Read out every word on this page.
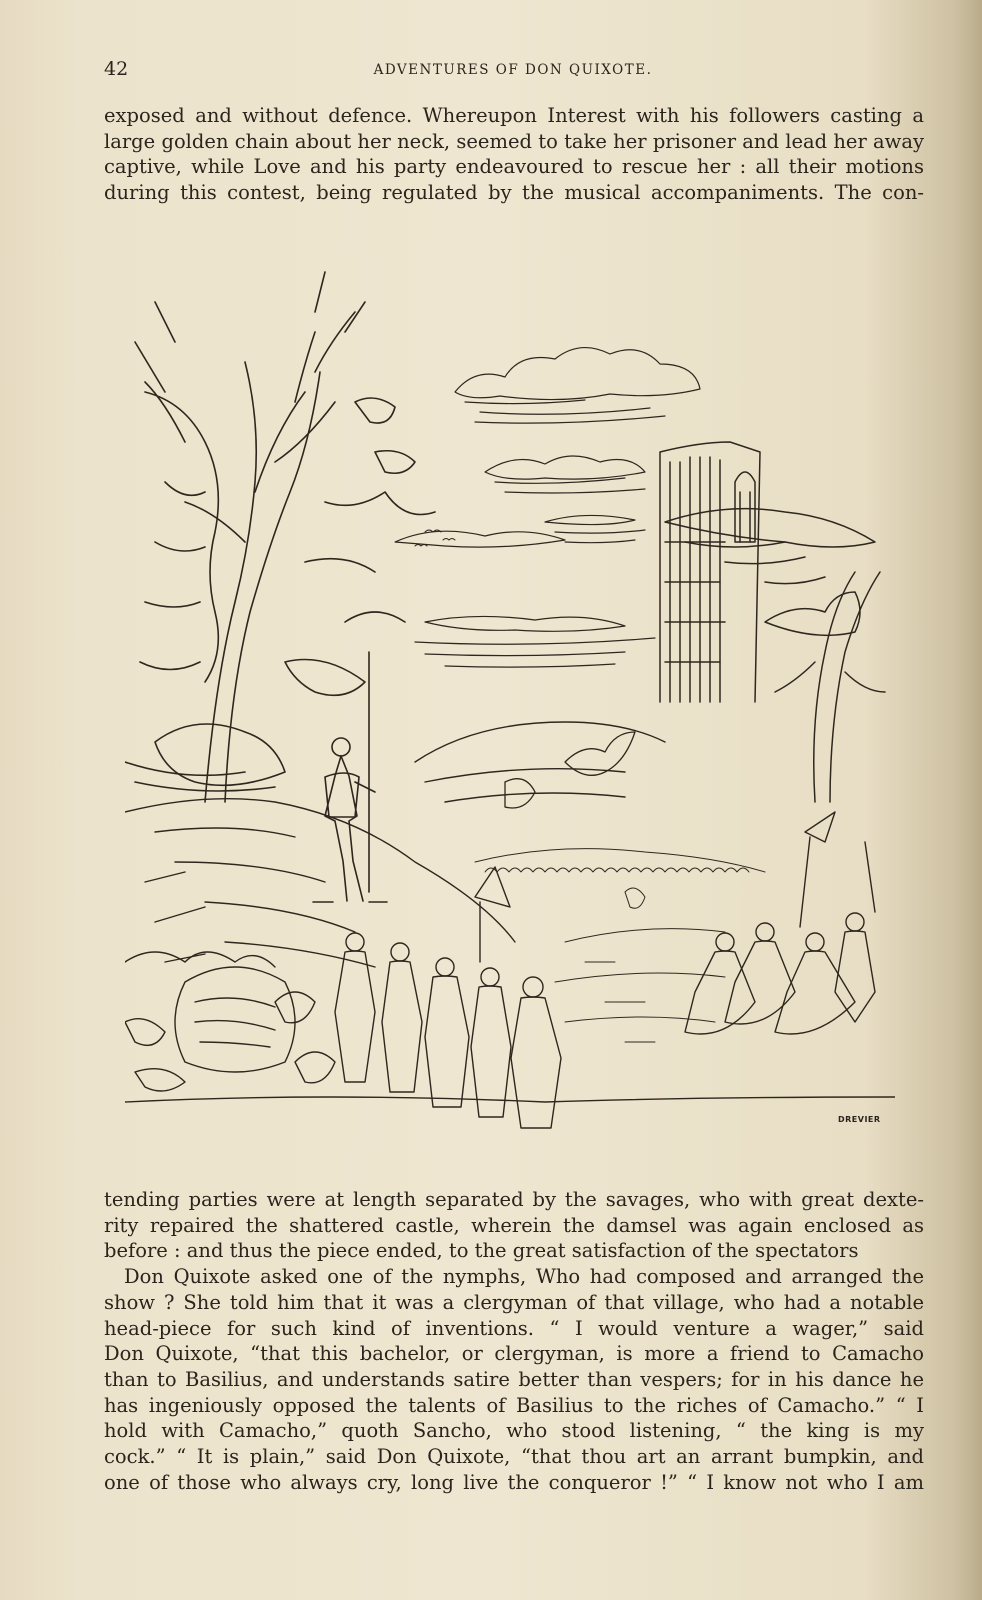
42	ADVENTURES OF DON QUIXOTE.
exposed and without defence. Whereupon Interest with his followers casting a
large golden chain about her neck, seemed to take her prisoner and lead her away
captive, while Love and his party endeavoured to rescue her : all their motions
during this contest, being regulated by the musical accompaniments. The con-
DREVIER
tending parties were at length separated by the savages, who with great dexte-
rity repaired the shattered castle, wherein the damsel was again enclosed as
before : and thus the piece ended, to the great satisfaction of the spectators
Don Quixote asked one of the nymphs, Who had composed and arranged the
show ? She told him that it was a clergyman of that village, who had a notable
head-piece for such kind of inventions. “ I would venture a wager,” said
Don Quixote, “that this bachelor, or clergyman, is more a friend to Camacho
than to Basilius, and understands satire better than vespers; for in his dance he
has ingeniously opposed the talents of Basilius to the riches of Camacho.” “ I
hold with Camacho,” quoth Sancho, who stood listening, “ the king is my
cock.” “ It is plain,” said Don Quixote, “that thou art an arrant bumpkin, and
one of those who always cry, long live the conqueror !” “ I know not who I am
